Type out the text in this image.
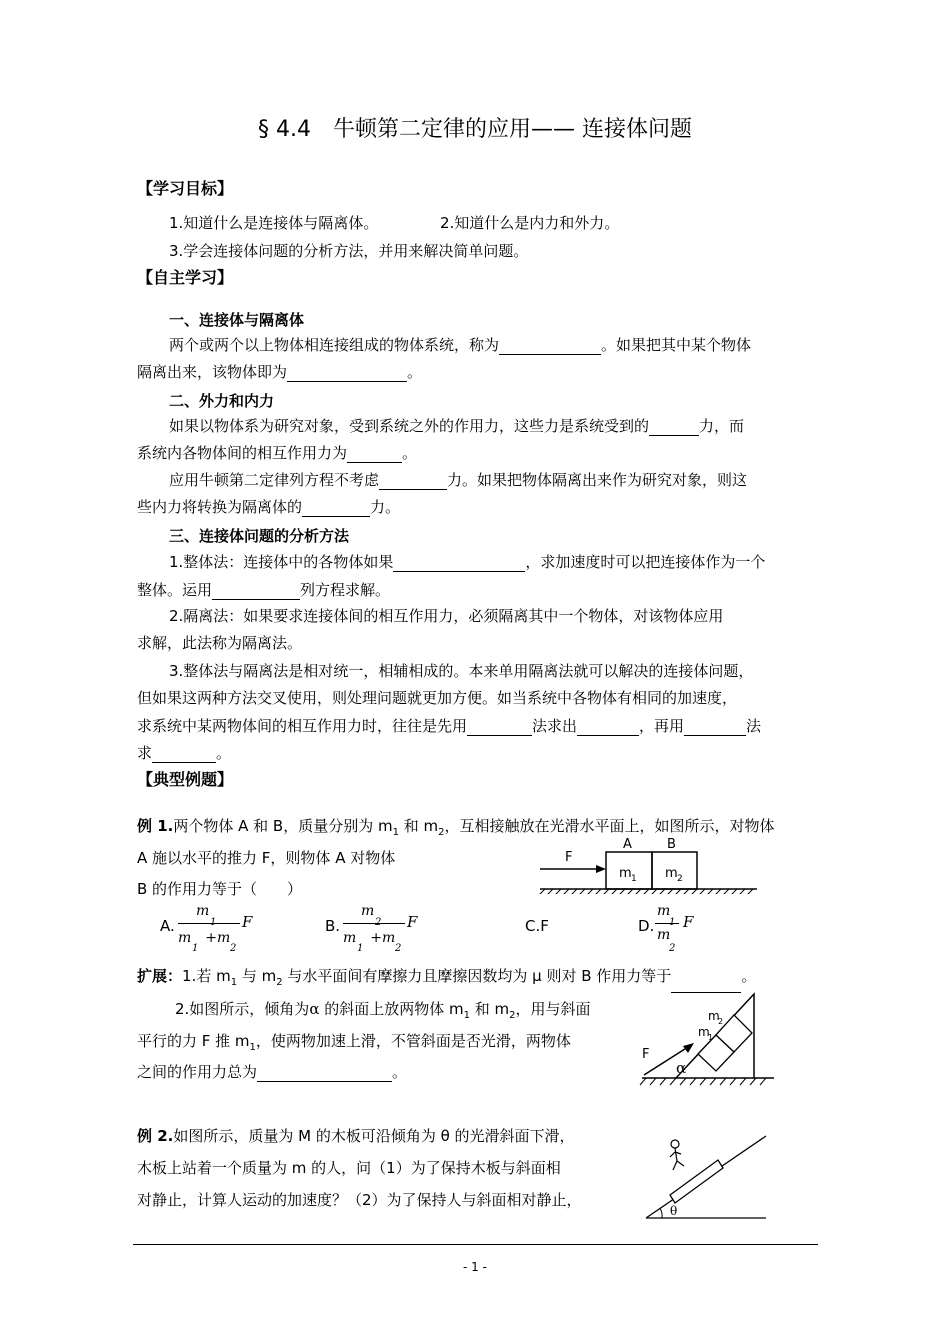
§ 4.4　牛顿第二定律的应用—— 连接体问题
【学习目标】
1.知道什么是连接体与隔离体。	2.知道什么是内力和外力。
3.学会连接体问题的分析方法，并用来解决简单问题。
【自主学习】
一、连接体与隔离体
两个或两个以上物体相连接组成的物体系统，称为	。如果把其中某个物体
隔离出来，该物体即为	。
二、外力和内力
如果以物体系为研究对象，受到系统之外的作用力，这些力是系统受到的	力，而
系统内各物体间的相互作用力为	。
应用牛顿第二定律列方程不考虑	力。如果把物体隔离出来作为研究对象，则这
些内力将转换为隔离体的	力。
三、连接体问题的分析方法
1.整体法：连接体中的各物体如果	，求加速度时可以把连接体作为一个
整体。运用	列方程求解。
2.隔离法：如果要求连接体间的相互作用力，必须隔离其中一个物体，对该物体应用
求解，此法称为隔离法。
3.整体法与隔离法是相对统一，相辅相成的。本来单用隔离法就可以解决的连接体问题，
但如果这两种方法交叉使用，则处理问题就更加方便。如当系统中各物体有相同的加速度，
求系统中某两物体间的相互作用力时，往往是先用	法求出	，再用	法
求	。
【典型例题】
例 1.两个物体 A 和 B，质量分别为 $m_1$ 和 $m_2$，互相接触放在光滑水平面上，如图所示，对物体
A 施以水平的推力 F，则物体 A 对物体
B 的作用力等于（　　）
F
A	B
m 1 m 2
A.
m
1
m　+m
1	2
F	B.
m
2
m　+m
1	2
F	C.F	D.
m
1
m
2
F
扩展：1.若 $m_1$ 与 $m_2$ 与水平面间有摩擦力且摩擦因数均为 μ 则对 B 作用力等于	。
2.如图所示，倾角为α 的斜面上放两物体 $m_1$ 和 $m_2$，用与斜面
平行的力 F 推 $m_1$，使两物加速上滑，不管斜面是否光滑，两物体
之间的作用力总为	。
F
α
m
2
m
1
例 2.如图所示，质量为 M 的木板可沿倾角为 θ 的光滑斜面下滑，
木板上站着一个质量为 m 的人，问（1）为了保持木板与斜面相
对静止，计算人运动的加速度？（2）为了保持人与斜面相对静止，
θ
- 1 -
